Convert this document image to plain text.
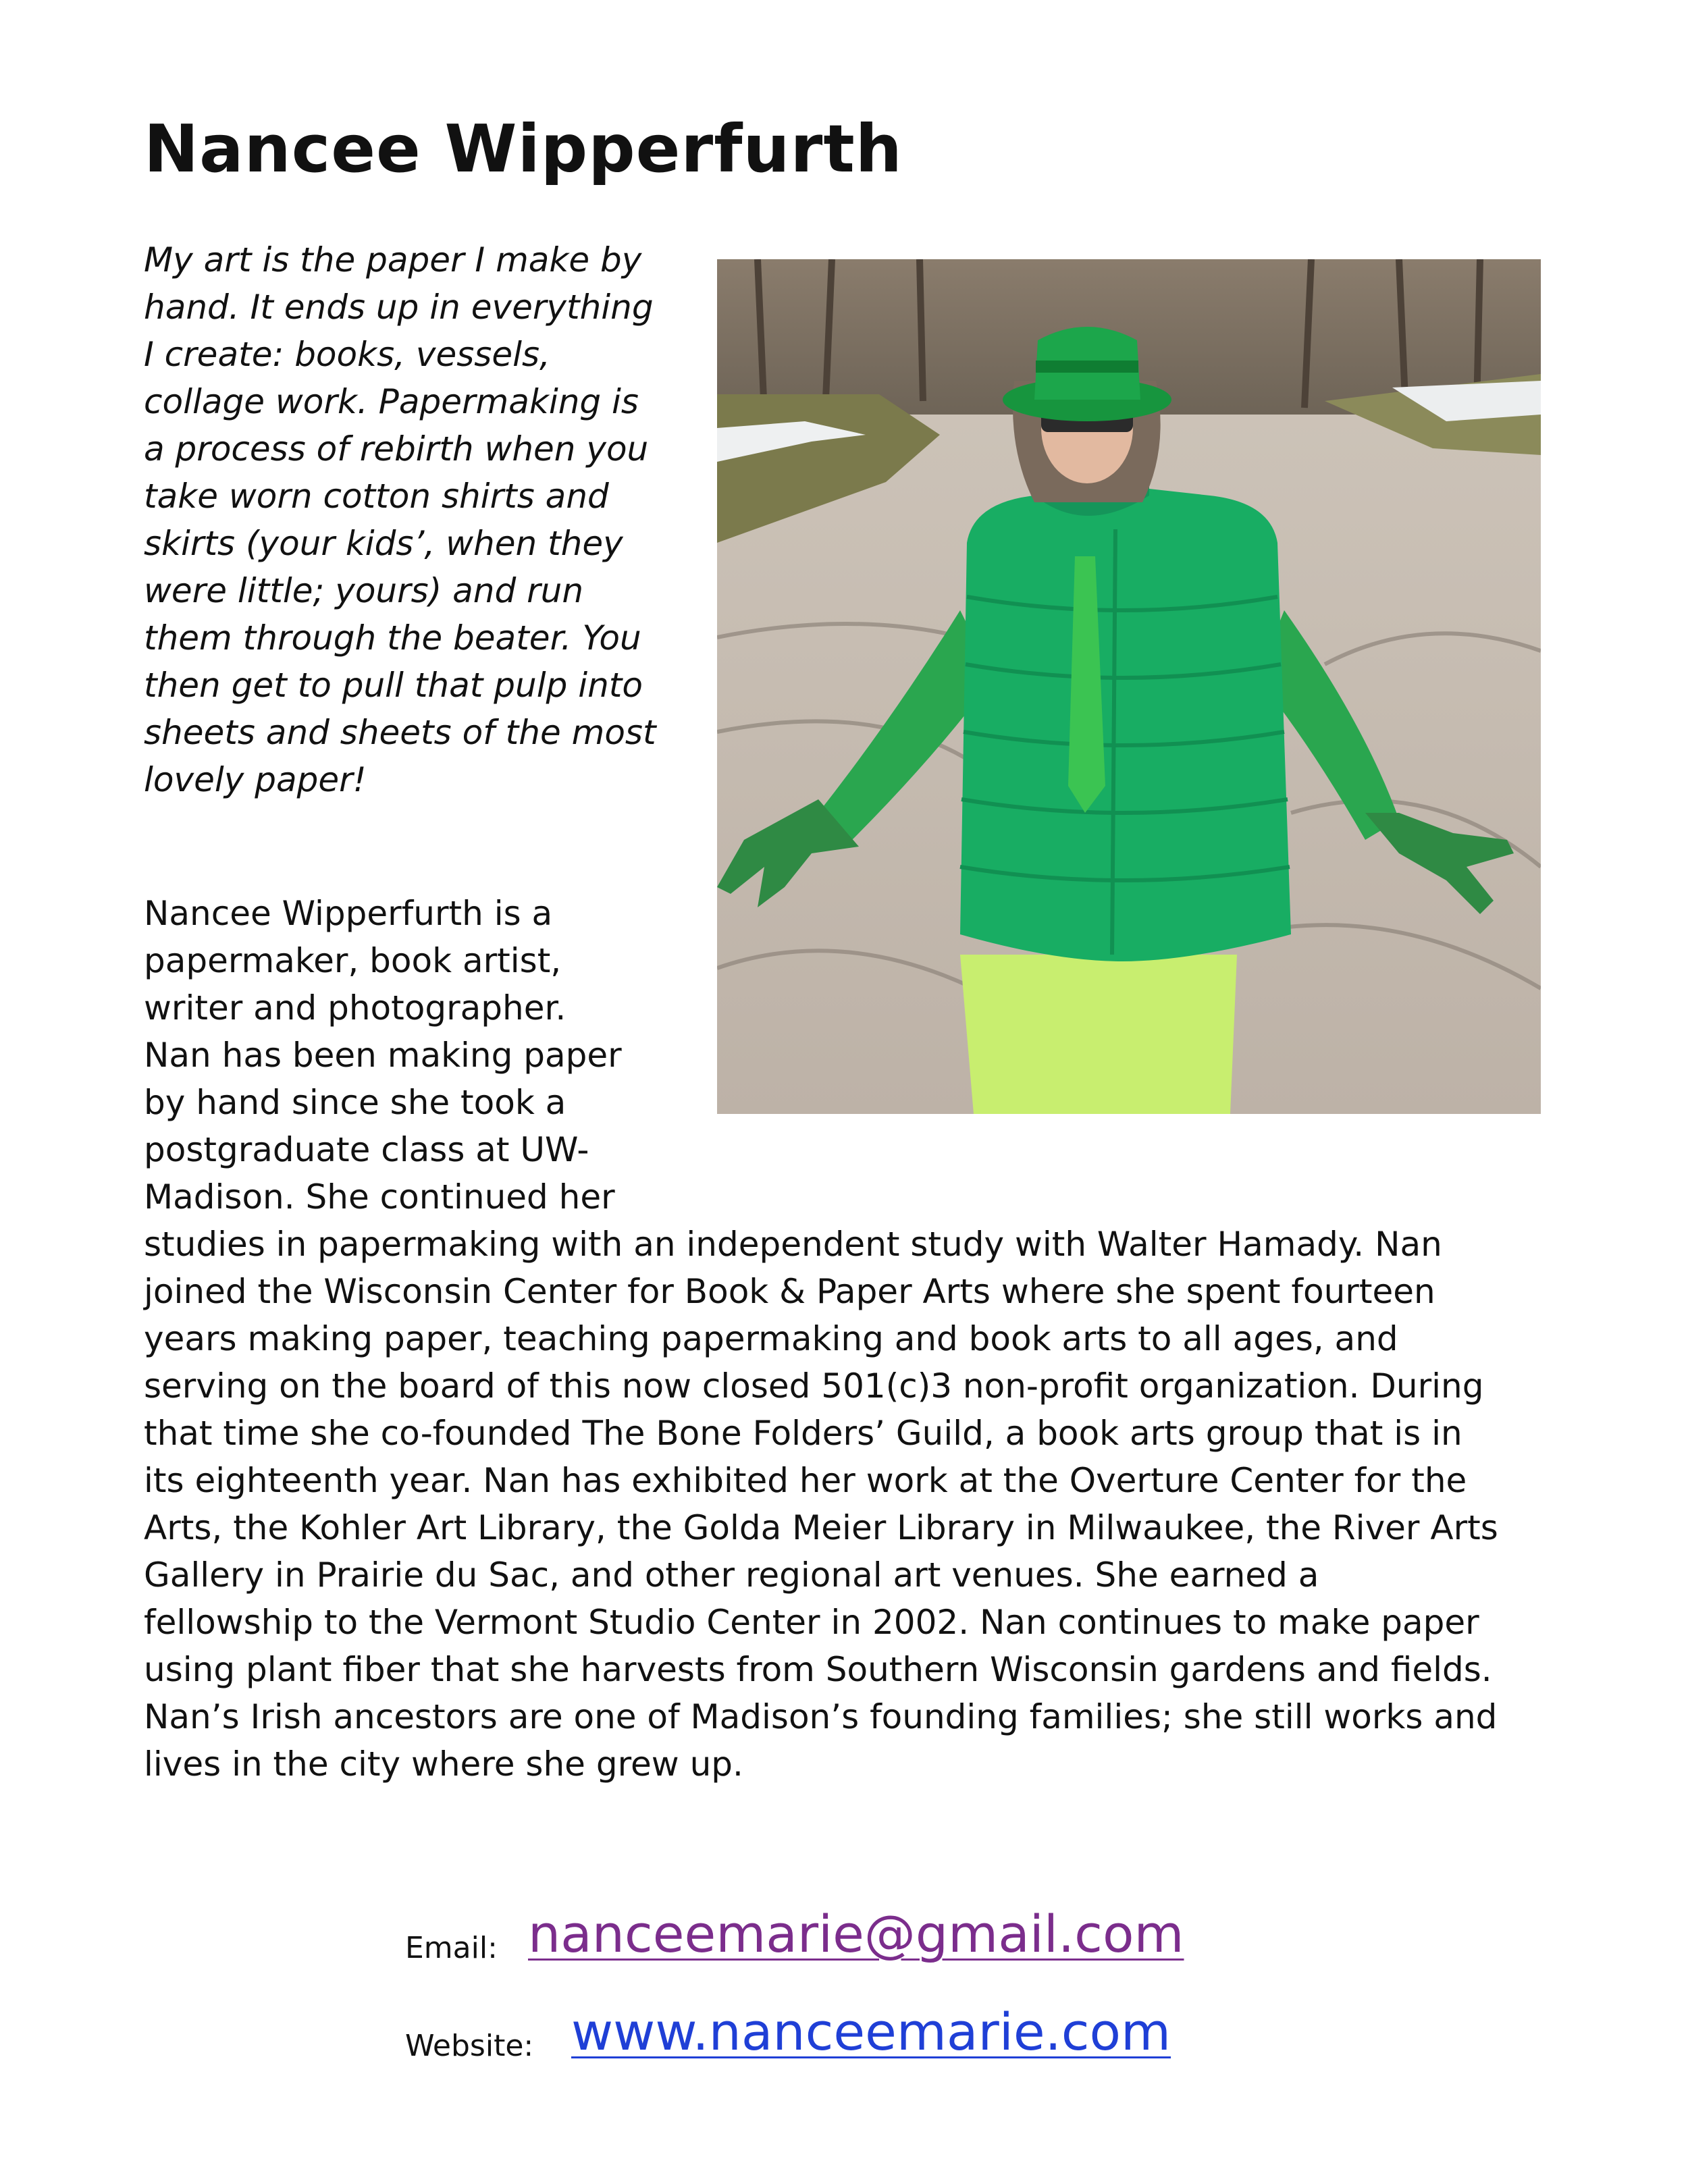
Nancee Wipperfurth
My art is the paper I make by
hand. It ends up in everything
I create: books, vessels,
collage work. Papermaking is
a process of rebirth when you
take worn cotton shirts and
skirts (your kids’, when they
were little; yours) and run
them through the beater. You
then get to pull that pulp into
sheets and sheets of the most
lovely paper!
Nancee Wipperfurth is a
papermaker, book artist,
writer and photographer.
Nan has been making paper
by hand since she took a
postgraduate class at UW-
Madison. She continued her
studies in papermaking with an independent study with Walter Hamady. Nan
joined the Wisconsin Center for Book & Paper Arts where she spent fourteen
years making paper, teaching papermaking and book arts to all ages, and
serving on the board of this now closed 501(c)3 non-profit organization. During
that time she co-founded The Bone Folders’ Guild, a book arts group that is in
its eighteenth year. Nan has exhibited her work at the Overture Center for the
Arts, the Kohler Art Library, the Golda Meier Library in Milwaukee, the River Arts
Gallery in Prairie du Sac, and other regional art venues. She earned a
fellowship to the Vermont Studio Center in 2002. Nan continues to make paper
using plant fiber that she harvests from Southern Wisconsin gardens and fields.
Nan’s Irish ancestors are one of Madison’s founding families; she still works and
lives in the city where she grew up.
Email: nanceemarie@gmail.com
Website: www.nanceemarie.com
